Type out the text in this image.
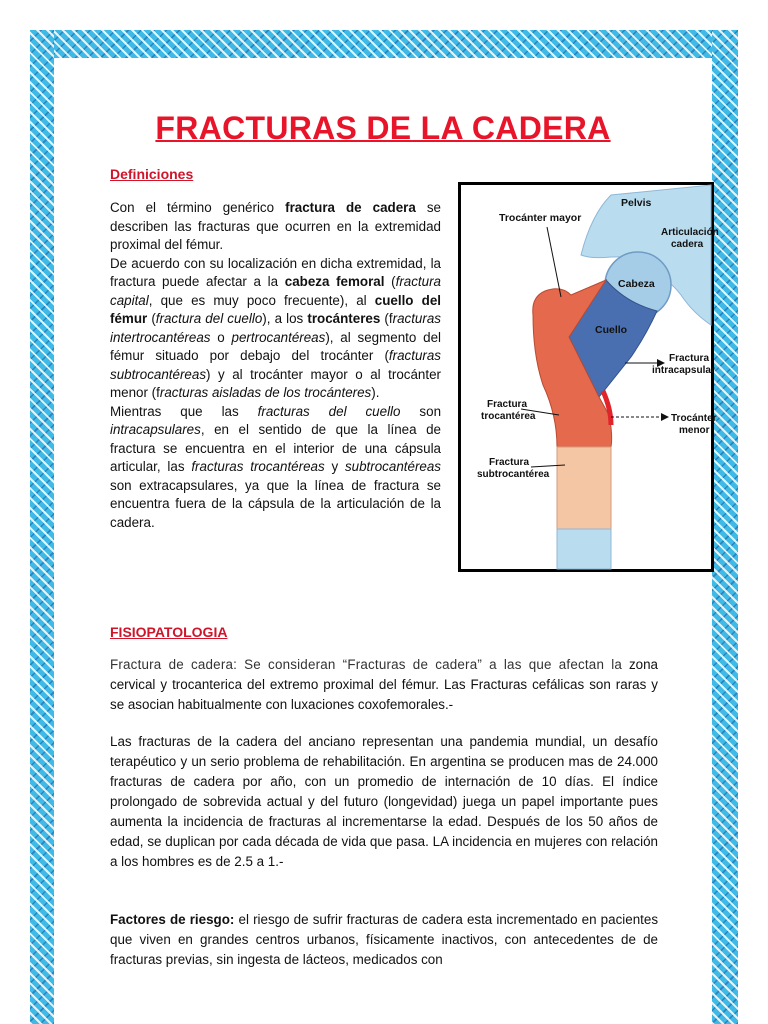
FRACTURAS DE LA CADERA
Definiciones

Con el término genérico fractura de cadera se describen las fracturas que ocurren en la extremidad proximal del fémur.

De acuerdo con su localización en dicha extremidad, la fractura puede afectar a la cabeza femoral (fractura capital, que es muy poco frecuente), al cuello del fémur (fractura del cuello), a los trocánteres (fracturas intertrocantéreas o pertrocantéreas), al segmento del fémur situado por debajo del trocánter (fracturas subtrocantéreas) y al trocánter mayor o al trocánter menor (fracturas aisladas de los trocánteres).

Mientras que las fracturas del cuello son intracapsulares, en el sentido de que la línea de fractura se encuentra en el interior de una cápsula articular, las fracturas trocantéreas y subtrocantéreas son extracapsulares, ya que la línea de fractura se encuentra fuera de la cápsula de la articulación de la cadera.

Pelvis
Trocánter mayor
Articulación
cadera
Cabeza
Cuello
Fractura
intracapsular
Fractura
trocantérea	Trocánter
menor
Fractura
subtrocantérea
FISIOPATOLOGIA

Fractura de cadera: Se consideran “Fracturas de cadera” a las que afectan la zona cervical y trocanterica del extremo proximal del fémur. Las Fracturas cefálicas son raras y se asocian habitualmente con luxaciones coxofemorales.-

Las fracturas de la cadera del anciano representan una pandemia mundial, un desafío terapéutico y un serio problema de rehabilitación. En argentina se producen mas de 24.000 fracturas de cadera por año, con un promedio de internación de 10 días. El índice prolongado de sobrevida actual y del futuro (longevidad) juega un papel importante pues aumenta la incidencia de fracturas al incrementarse la edad. Después de los 50 años de edad, se duplican por cada década de vida que pasa. LA incidencia en mujeres con relación a los hombres es de 2.5 a 1.-

Factores de riesgo: el riesgo de sufrir fracturas de cadera esta incrementado en pacientes que viven en grandes centros urbanos, físicamente inactivos, con antecedentes de de fracturas previas, sin ingesta de lácteos, medicados con
